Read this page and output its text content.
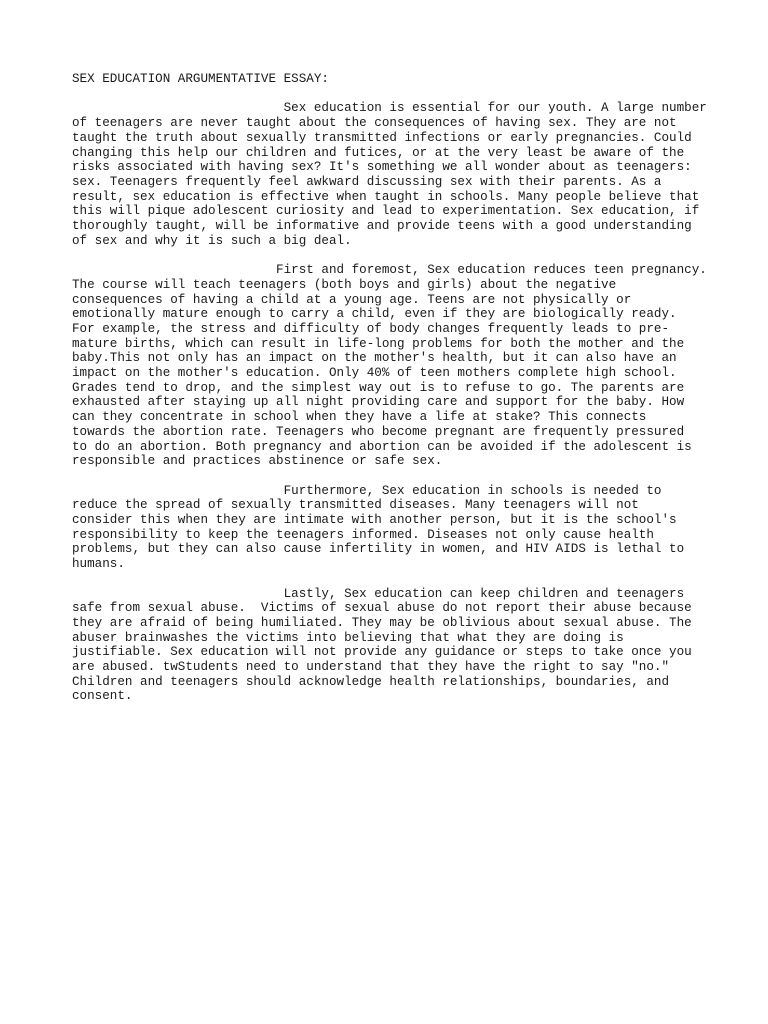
SEX EDUCATION ARGUMENTATIVE ESSAY:
Sex education is essential for our youth. A large number
of teenagers are never taught about the consequences of having sex. They are not
taught the truth about sexually transmitted infections or early pregnancies. Could
changing this help our children and futices, or at the very least be aware of the
risks associated with having sex? It's something we all wonder about as teenagers:
sex. Teenagers frequently feel awkward discussing sex with their parents. As a
result, sex education is effective when taught in schools. Many people believe that
this will pique adolescent curiosity and lead to experimentation. Sex education, if
thoroughly taught, will be informative and provide teens with a good understanding
of sex and why it is such a big deal.
First and foremost, Sex education reduces teen pregnancy.
The course will teach teenagers (both boys and girls) about the negative
consequences of having a child at a young age. Teens are not physically or
emotionally mature enough to carry a child, even if they are biologically ready.
For example, the stress and difficulty of body changes frequently leads to pre-
mature births, which can result in life-long problems for both the mother and the
baby.This not only has an impact on the mother's health, but it can also have an
impact on the mother's education. Only 40% of teen mothers complete high school.
Grades tend to drop, and the simplest way out is to refuse to go. The parents are
exhausted after staying up all night providing care and support for the baby. How
can they concentrate in school when they have a life at stake? This connects
towards the abortion rate. Teenagers who become pregnant are frequently pressured
to do an abortion. Both pregnancy and abortion can be avoided if the adolescent is
responsible and practices abstinence or safe sex.
Furthermore, Sex education in schools is needed to
reduce the spread of sexually transmitted diseases. Many teenagers will not
consider this when they are intimate with another person, but it is the school's
responsibility to keep the teenagers informed. Diseases not only cause health
problems, but they can also cause infertility in women, and HIV AIDS is lethal to
humans.
Lastly, Sex education can keep children and teenagers
safe from sexual abuse.  Victims of sexual abuse do not report their abuse because
they are afraid of being humiliated. They may be oblivious about sexual abuse. The
abuser brainwashes the victims into believing that what they are doing is
justifiable. Sex education will not provide any guidance or steps to take once you
are abused. twStudents need to understand that they have the right to say "no."
Children and teenagers should acknowledge health relationships, boundaries, and
consent.
